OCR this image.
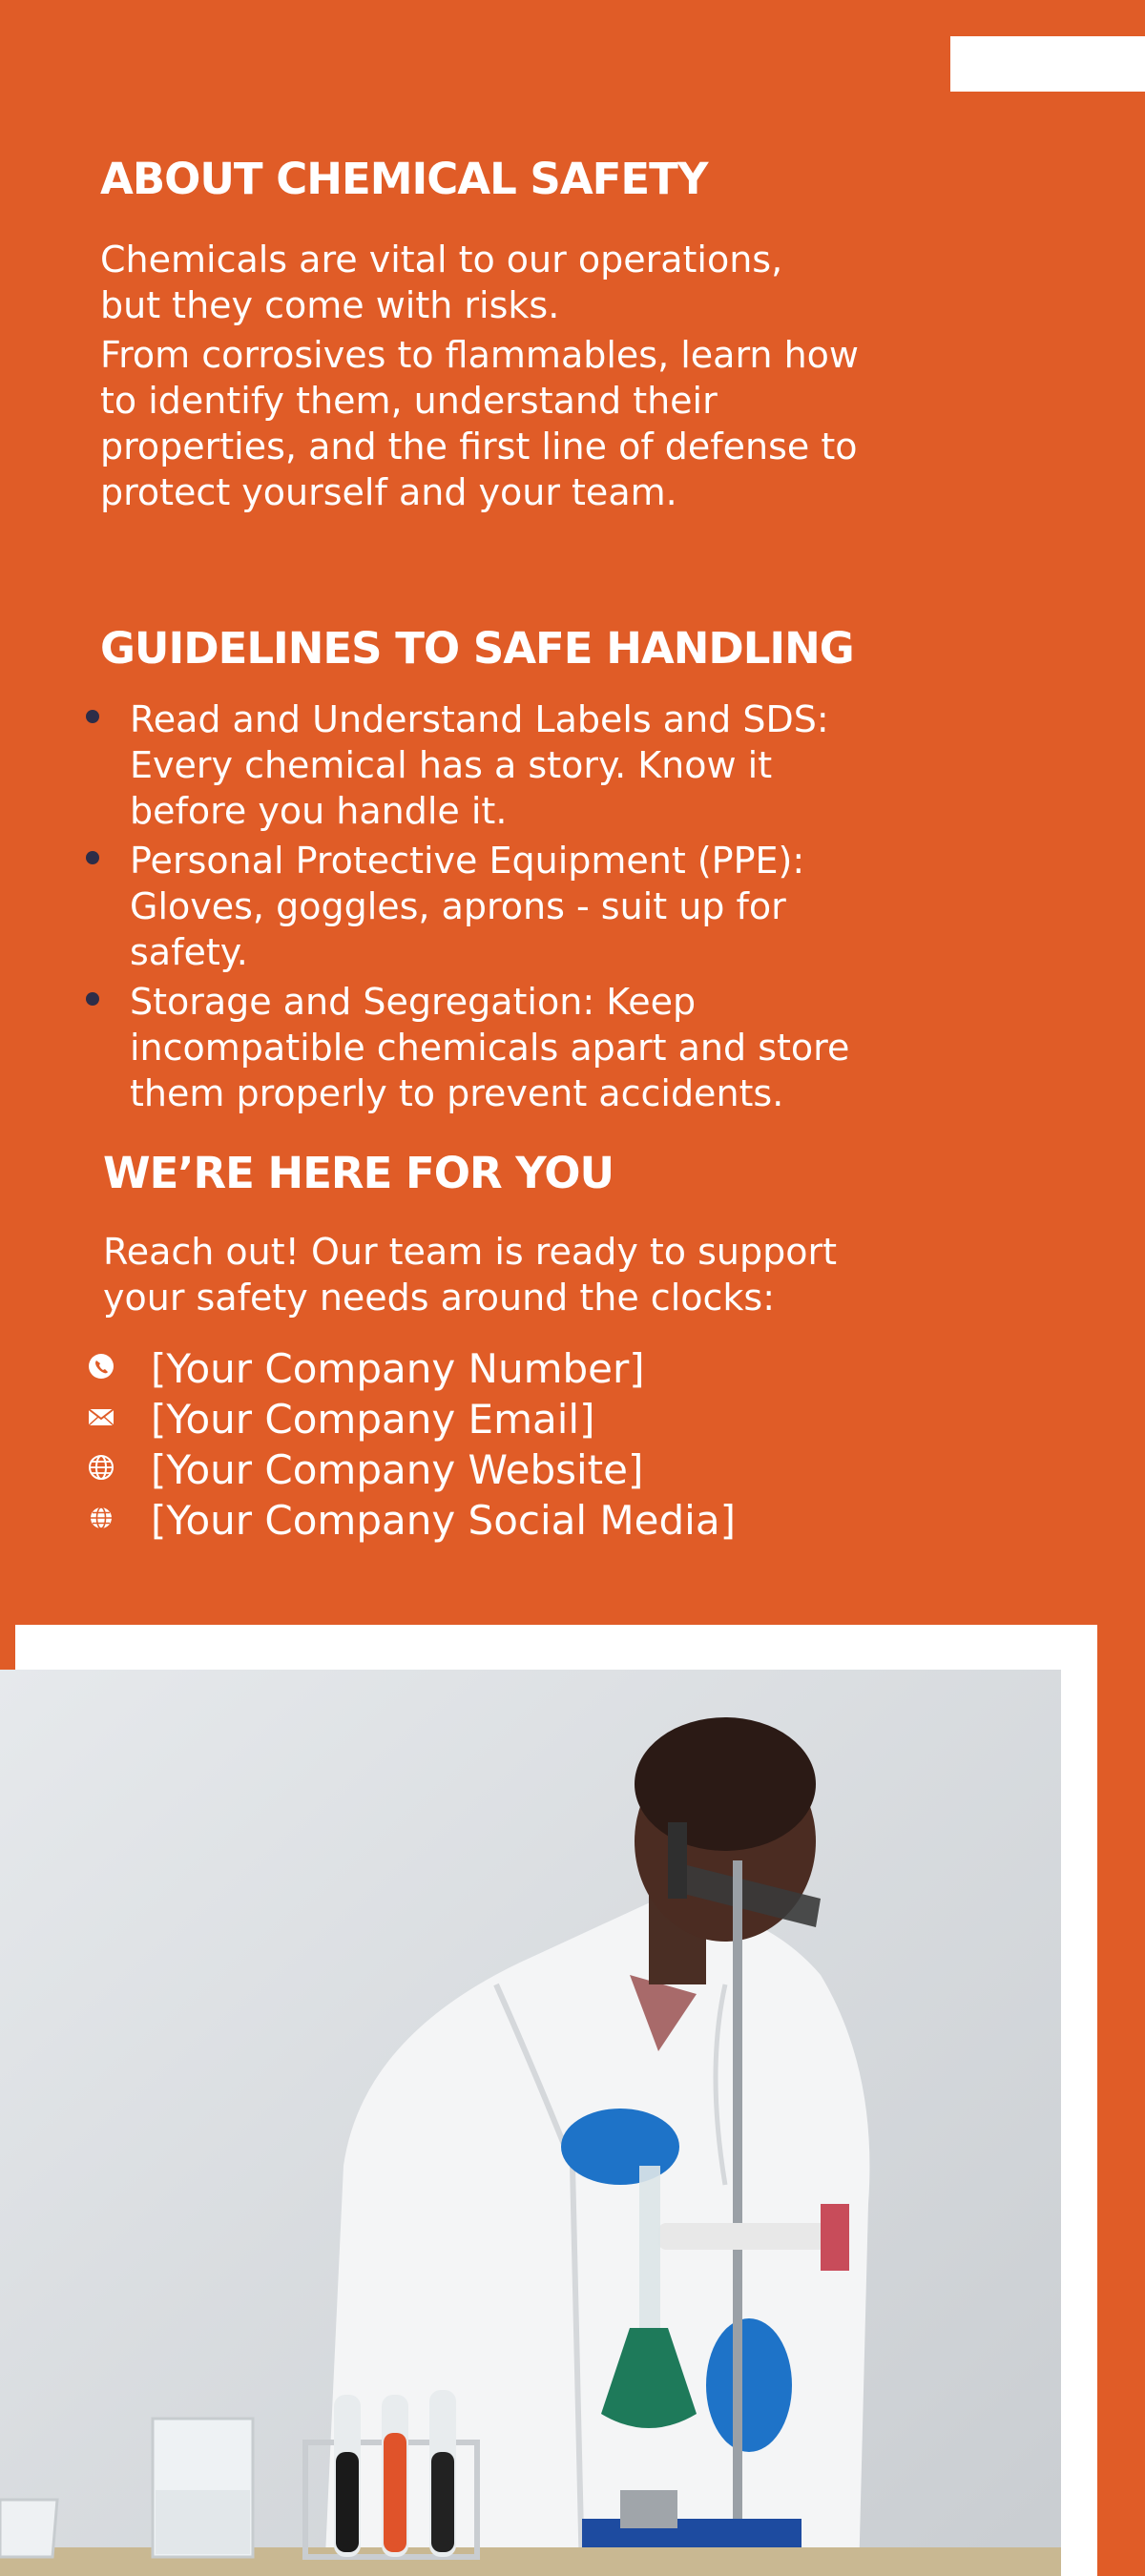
ABOUT CHEMICAL SAFETY

Chemicals are vital to our operations, but they come with risks.

From corrosives to flammables, learn how to identify them, understand their properties, and the first line of defense to protect yourself and your team.

GUIDELINES TO SAFE HANDLING
Read and Understand Labels and SDS: Every chemical has a story. Know it before you handle it.
Personal Protective Equipment (PPE): Gloves, goggles, aprons - suit up for safety.
Storage and Segregation: Keep incompatible chemicals apart and store them properly to prevent accidents.
WE’RE HERE FOR YOU

Reach out! Our team is ready to support your safety needs around the clocks:

[Your Company Number]
[Your Company Email]
[Your Company Website]
[Your Company Social Media]
